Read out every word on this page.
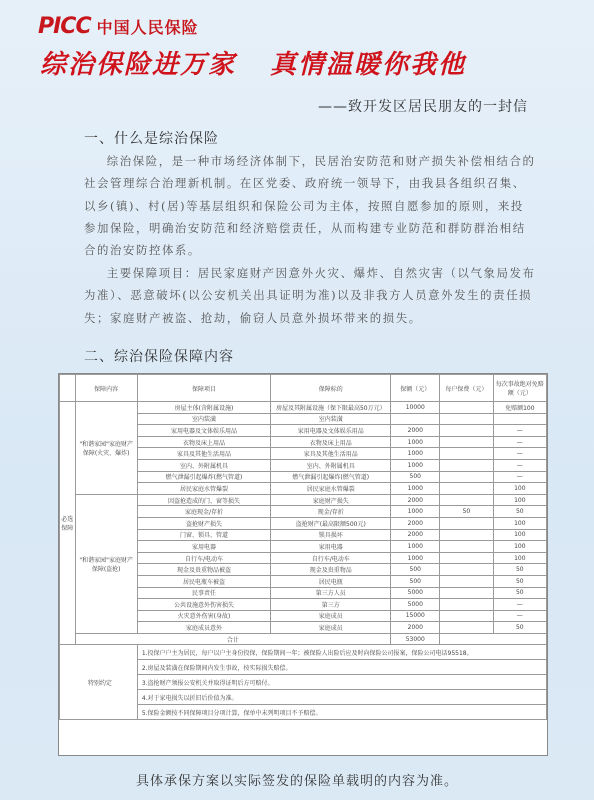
PICC 中国人民保险
综治保险进万家 真情温暖你我他
——致开发区居民朋友的一封信
一、什么是综治保险
综治保险，是一种市场经济体制下，民居治安防范和财产损失补偿相结合的社会管理综合治理新机制。在区党委、政府统一领导下，由我县各组织召集、以乡(镇)、村(居)等基层组织和保险公司为主体，按照自愿参加的原则，来投参加保险，明确治安防范和经济赔偿责任，从而构建专业防范和群防群治相结合的治安防控体系。
主要保障项目：居民家庭财产因意外火灾、爆炸、自然灾害（以气象局发布为准）、恶意破坏(以公安机关出具证明为准)以及非我方人员意外发生的责任损失；家庭财产被盗、抢劫，偷窃人员意外损坏带来的损失。
二、综治保险保障内容
	保障内容	保障项目	保障标的	保额（元）	每户保费（元）	每次事故绝对免赔额（元）
必选保障	"和谐家园"家庭财产保障(火灾、爆炸)	房屋主体(含附属设施)	房屋及其附属设施（保下限最高50万元）	10000		免赔额100
		室内装潢	室内装潢			
		家用电器及文体娱乐用品	家用电器及文体娱乐用品	2000		—
		衣物及床上用品	衣物及床上用品	1000		—
		家具及其他生活用品	家具及其他生活用品	1000		—
		室内、外附属机具	室内、外附属机具	1000		—
		燃气泄漏引起爆炸(燃气管道)	燃气泄漏引起爆炸(燃气管道)	500		—
		居民家庭水管爆裂	居民家庭水管爆裂	1000		100
	"和谐家园"家庭财产保障(盗抢)	因盗抢造成的门、窗等损失	家庭财产损失	2000		100
		家庭现金/存折	现金/存折	1000	50	50
		盗抢财产损失	盗抢财产(最高限额500元)	2000		100
		门窗、锁具、管道	锁具损坏	2000		100
		家用电器	家用电器	1000		100
		自行车/电动车	自行车/电动车	1000		100
		现金及贵重物品被盗	现金及贵重物品	500		50
		居民电瓶车被盗	居民电瓶	500		50
		民事责任	第三方人员	5000		50
		公共设施意外伤害损失	第三方	5000		—
		火灾意外伤害(身故)	家庭成员	15000		—
		家庭成员意外	家庭成员	2000		50
	合计			53000		
特别约定		1.投保户户主为居民，每户以户主身份投保，保险期间一年；被保险人出险后应及时向保险公司报案，保险公司电话95518。				
		2.房屋及装潢在保险期间内发生事故，按实际损失赔偿。				
		3.盗抢财产须报公安机关并取得证明后方可赔付。				
		4.对于家电损失以折旧后价值为准。				
		5.保险金额按不同保障项目分项计算，保单中未列明项目不予赔偿。				
具体承保方案以实际签发的保险单载明的内容为准。
